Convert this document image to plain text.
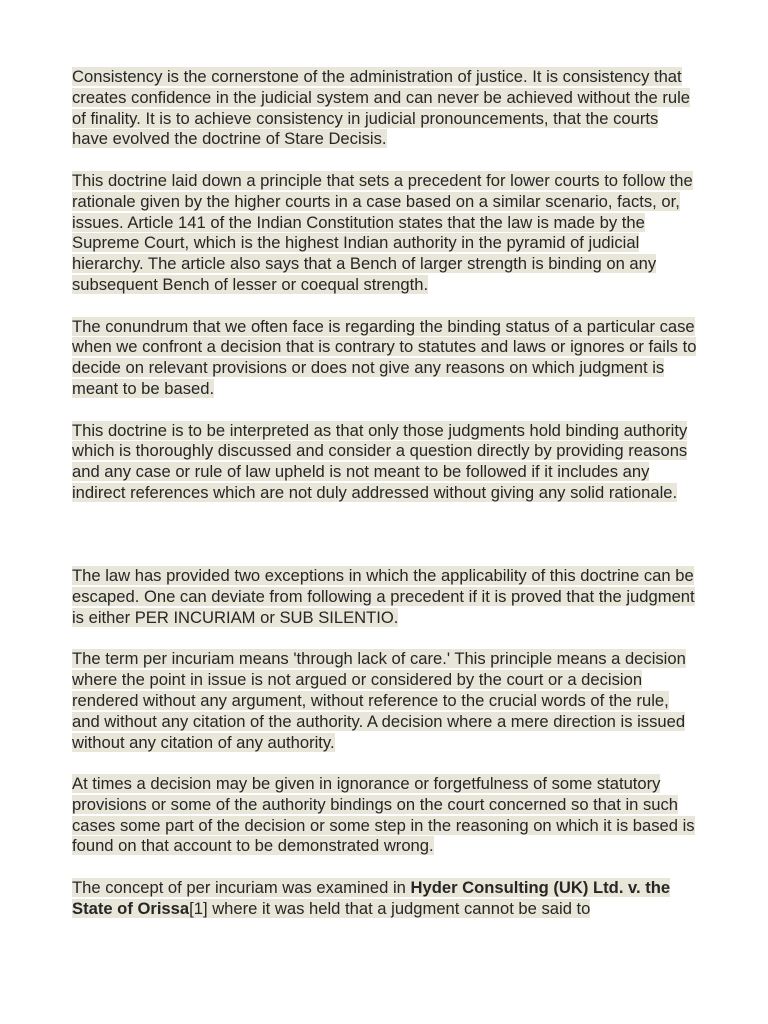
Consistency is the cornerstone of the administration of justice. It is consistency that creates confidence in the judicial system and can never be achieved without the rule of finality. It is to achieve consistency in judicial pronouncements, that the courts have evolved the doctrine of Stare Decisis.

This doctrine laid down a principle that sets a precedent for lower courts to follow the rationale given by the higher courts in a case based on a similar scenario, facts, or, issues. Article 141 of the Indian Constitution states that the law is made by the Supreme Court, which is the highest Indian authority in the pyramid of judicial hierarchy. The article also says that a Bench of larger strength is binding on any subsequent Bench of lesser or coequal strength.

The conundrum that we often face is regarding the binding status of a particular case when we confront a decision that is contrary to statutes and laws or ignores or fails to decide on relevant provisions or does not give any reasons on which judgment is meant to be based.

This doctrine is to be interpreted as that only those judgments hold binding authority which is thoroughly discussed and consider a question directly by providing reasons and any case or rule of law upheld is not meant to be followed if it includes any indirect references which are not duly addressed without giving any solid rationale.

The law has provided two exceptions in which the applicability of this doctrine can be escaped. One can deviate from following a precedent if it is proved that the judgment is either PER INCURIAM or SUB SILENTIO.

The term per incuriam means 'through lack of care.' This principle means a decision where the point in issue is not argued or considered by the court or a decision rendered without any argument, without reference to the crucial words of the rule, and without any citation of the authority. A decision where a mere direction is issued without any citation of any authority.

At times a decision may be given in ignorance or forgetfulness of some statutory provisions or some of the authority bindings on the court concerned so that in such cases some part of the decision or some step in the reasoning on which it is based is found on that account to be demonstrated wrong.

The concept of per incuriam was examined in Hyder Consulting (UK) Ltd. v. the State of Orissa[1] where it was held that a judgment cannot be said to
